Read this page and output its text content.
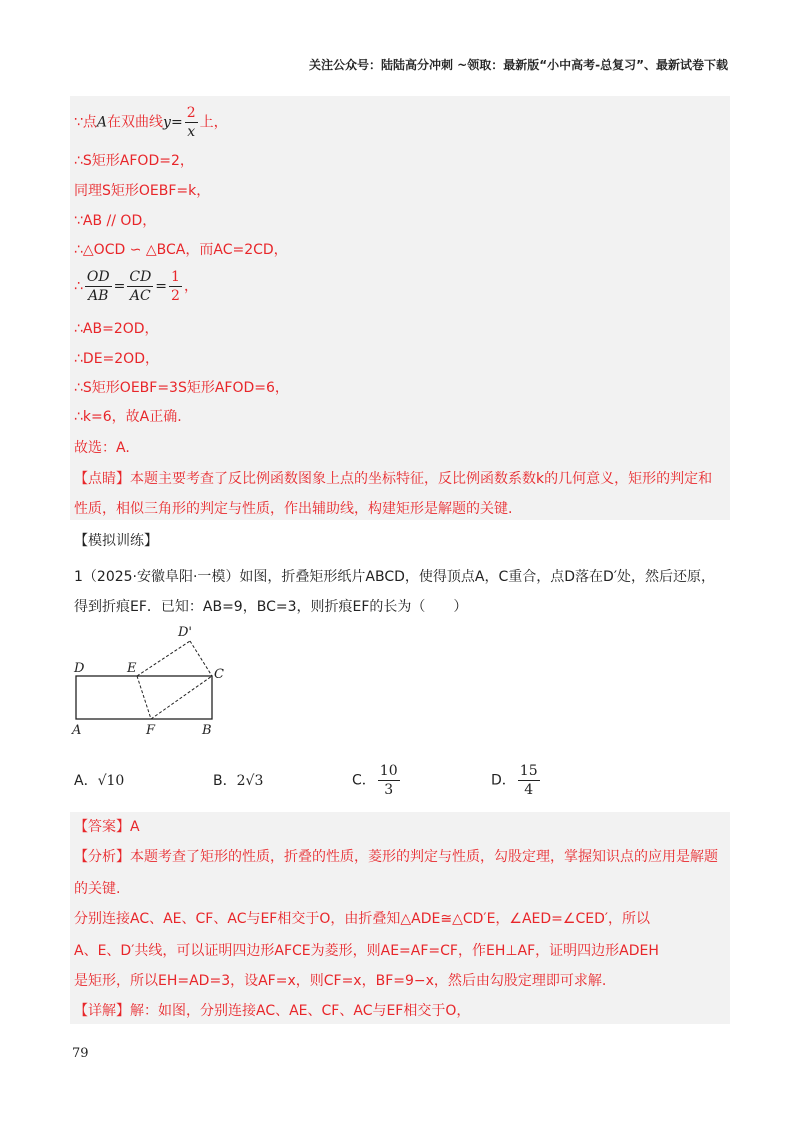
关注公众号：陆陆高分冲刺 ~领取：最新版“小中高考-总复习”、最新试卷下载
∵点A在双曲线$y= \frac{2}{x}$ 上，
∴S矩形AFOD=2，
同理S矩形OEBF=k，
∵AB // OD，
∴△OCD ∽ △BCA，而AC=2CD，
∴ $\frac{OD}{AB} = \frac{CD}{AC} = \frac{1}{2}$ ，
∴AB=2OD，
∴DE=2OD，
∴S矩形OEBF=3S矩形AFOD=6，
∴k=6，故A正确.
故选：A.
【点睛】本题主要考查了反比例函数图象上点的坐标特征，反比例函数系数k的几何意义，矩形的判定和
性质，相似三角形的判定与性质，作出辅助线，构建矩形是解题的关键.
【模拟训练】
1（2025·安徽阜阳·一模）如图，折叠矩形纸片ABCD，使得顶点A，C重合，点D落在D′处，然后还原，
得到折痕EF．已知：AB=9，BC=3，则折痕EF的长为（　　）
D	E
D'
C
A	F	B
A．√10	B．2√3	C． $\frac{10}{3}$	D． $\frac{15}{4}$
【答案】A
【分析】本题考查了矩形的性质，折叠的性质，菱形的判定与性质，勾股定理，掌握知识点的应用是解题
的关键.
分别连接AC、AE、CF、AC与EF相交于O，由折叠知△ADE≅△CD′E，∠AED=∠CED′，所以
A、E、D′共线，可以证明四边形AFCE为菱形，则AE=AF=CF，作EH⊥AF，证明四边形ADEH
是矩形，所以EH=AD=3，设AF=x，则CF=x，BF=9−x，然后由勾股定理即可求解.
【详解】解：如图，分别连接AC、AE、CF、AC与EF相交于O，
79
